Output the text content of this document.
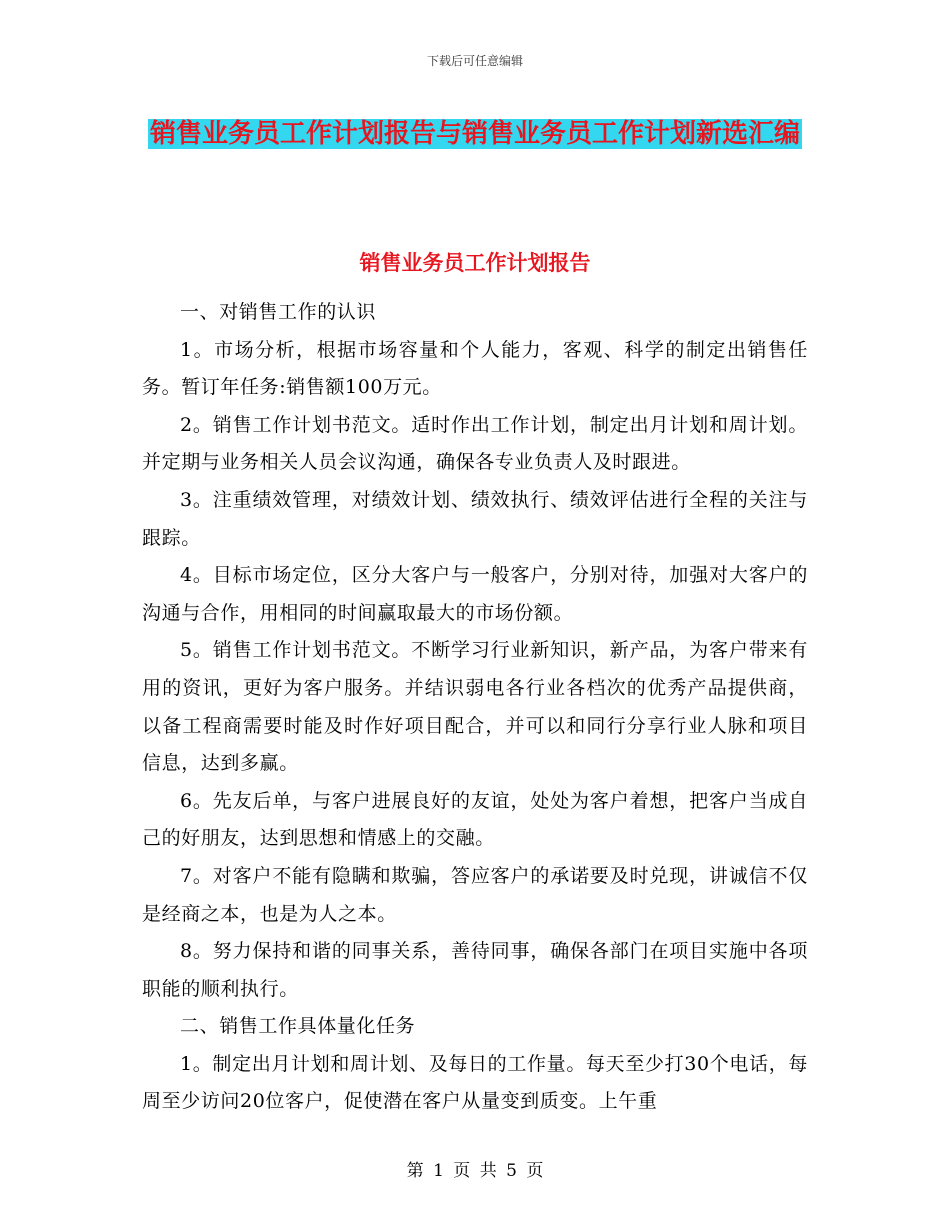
下载后可任意编辑
销售业务员工作计划报告与销售业务员工作计划新选汇编
销售业务员工作计划报告

一、对销售工作的认识

1。市场分析，根据市场容量和个人能力，客观、科学的制定出销售任务。暂订年任务:销售额100万元。

2。销售工作计划书范文。适时作出工作计划，制定出月计划和周计划。并定期与业务相关人员会议沟通，确保各专业负责人及时跟进。

3。注重绩效管理，对绩效计划、绩效执行、绩效评估进行全程的关注与跟踪。

4。目标市场定位，区分大客户与一般客户，分别对待，加强对大客户的沟通与合作，用相同的时间赢取最大的市场份额。

5。销售工作计划书范文。不断学习行业新知识，新产品，为客户带来有用的资讯，更好为客户服务。并结识弱电各行业各档次的优秀产品提供商，以备工程商需要时能及时作好项目配合，并可以和同行分享行业人脉和项目信息，达到多赢。

6。先友后单，与客户进展良好的友谊，处处为客户着想，把客户当成自己的好朋友，达到思想和情感上的交融。

7。对客户不能有隐瞒和欺骗，答应客户的承诺要及时兑现，讲诚信不仅是经商之本，也是为人之本。

8。努力保持和谐的同事关系，善待同事，确保各部门在项目实施中各项职能的顺利执行。

二、销售工作具体量化任务

1。制定出月计划和周计划、及每日的工作量。每天至少打30个电话，每周至少访问20位客户，促使潜在客户从量变到质变。上午重

第 1 页 共 5 页
